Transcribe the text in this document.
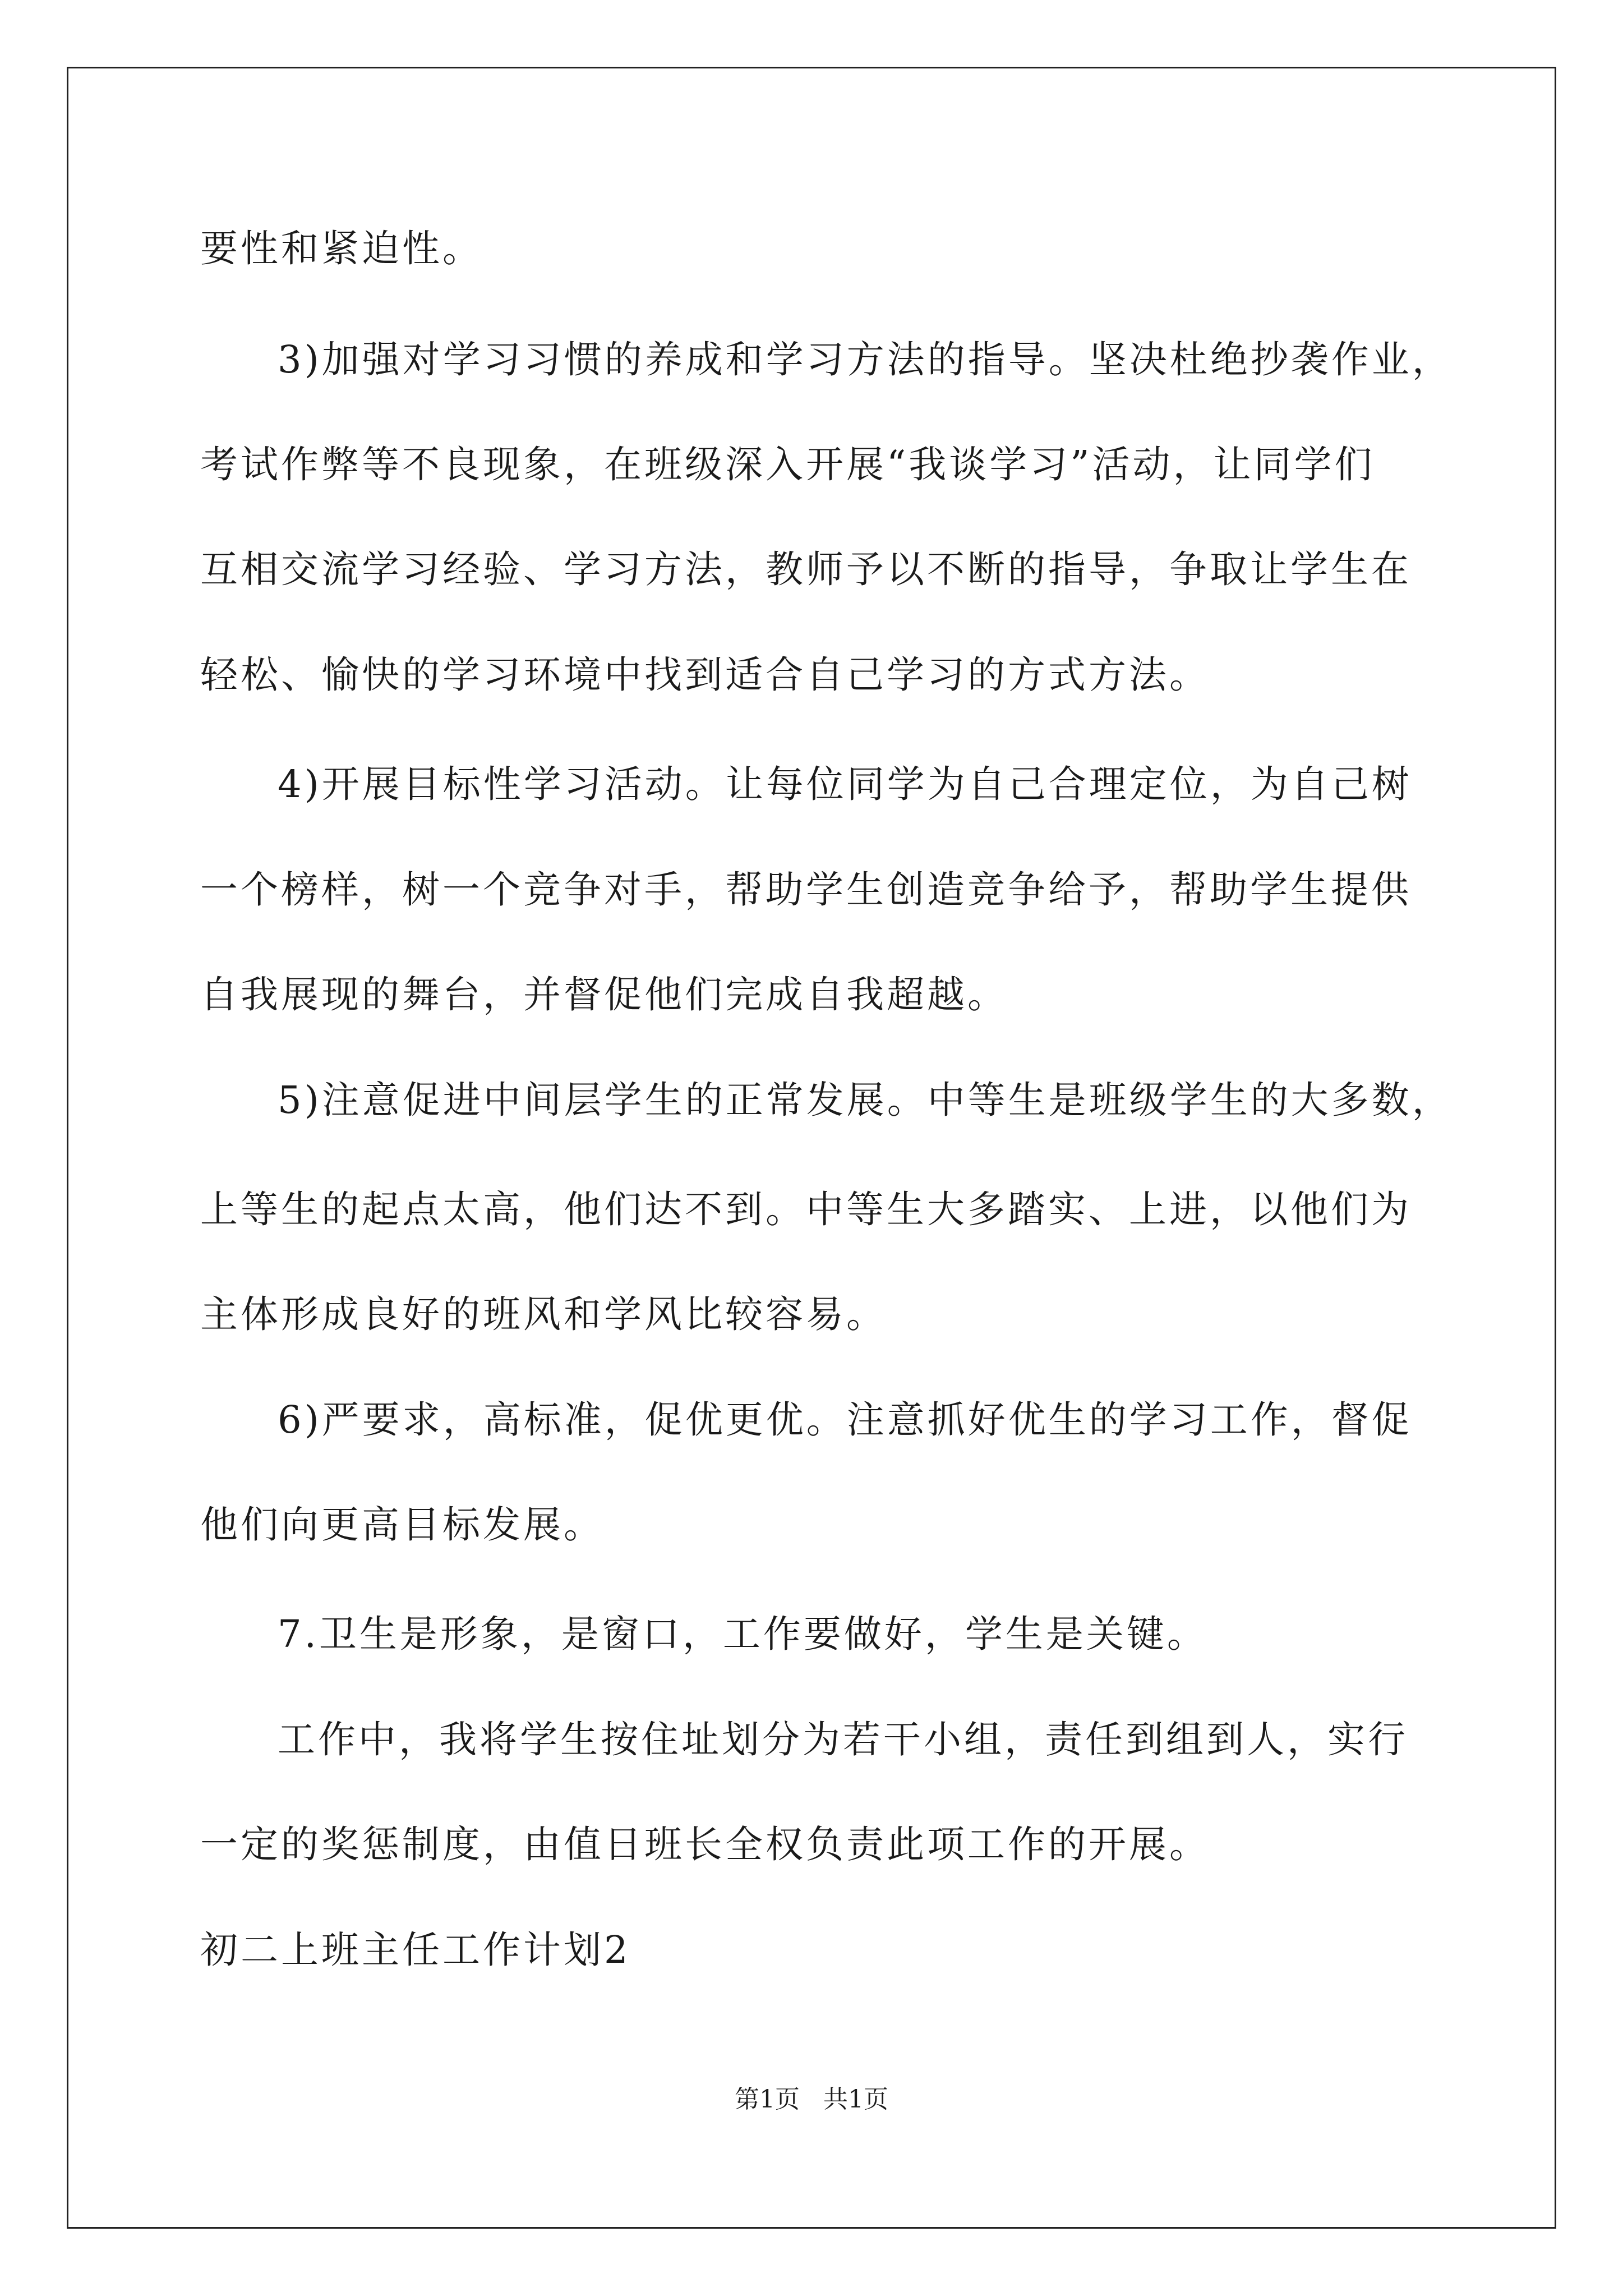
要性和紧迫性。
3)加强对学习习惯的养成和学习方法的指导。坚决杜绝抄袭作业，
考试作弊等不良现象，在班级深入开展“我谈学习”活动，让同学们
互相交流学习经验、学习方法，教师予以不断的指导，争取让学生在
轻松、愉快的学习环境中找到适合自己学习的方式方法。
4)开展目标性学习活动。让每位同学为自己合理定位，为自己树
一个榜样，树一个竞争对手，帮助学生创造竞争给予，帮助学生提供
自我展现的舞台，并督促他们完成自我超越。
5)注意促进中间层学生的正常发展。中等生是班级学生的大多数，
上等生的起点太高，他们达不到。中等生大多踏实、上进，以他们为
主体形成良好的班风和学风比较容易。
6)严要求，高标准，促优更优。注意抓好优生的学习工作，督促
他们向更高目标发展。
7.卫生是形象，是窗口，工作要做好，学生是关键。
工作中，我将学生按住址划分为若干小组，责任到组到人，实行
一定的奖惩制度，由值日班长全权负责此项工作的开展。
初二上班主任工作计划2
第1页   共1页
